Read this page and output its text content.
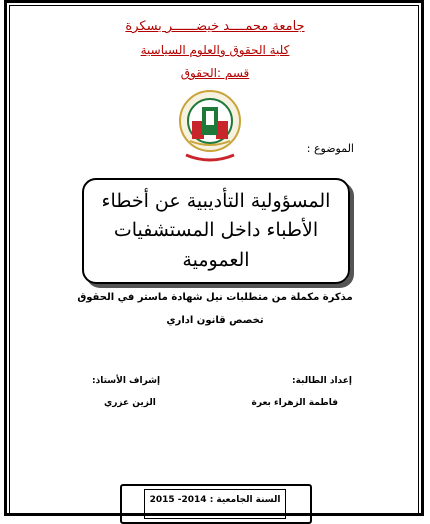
جامعة محمــــد خيضــــــر بسكرة
كلية الحقوق والعلوم السياسية
قسم :الحقوق
الموضوع :
المسؤولية التأديبية عن أخطاء
الأطباء داخل المستشفيات
العمومية
مذكرة مكملة من متطلبات نيل شهادة ماستر في الحقوق
تخصص قانون اداري
إعداد الطالبة:
فاطمة الزهراء بعرة
إشراف الأستاذ:
الزين عزري
السنة الجامعية : 2014- 2015
